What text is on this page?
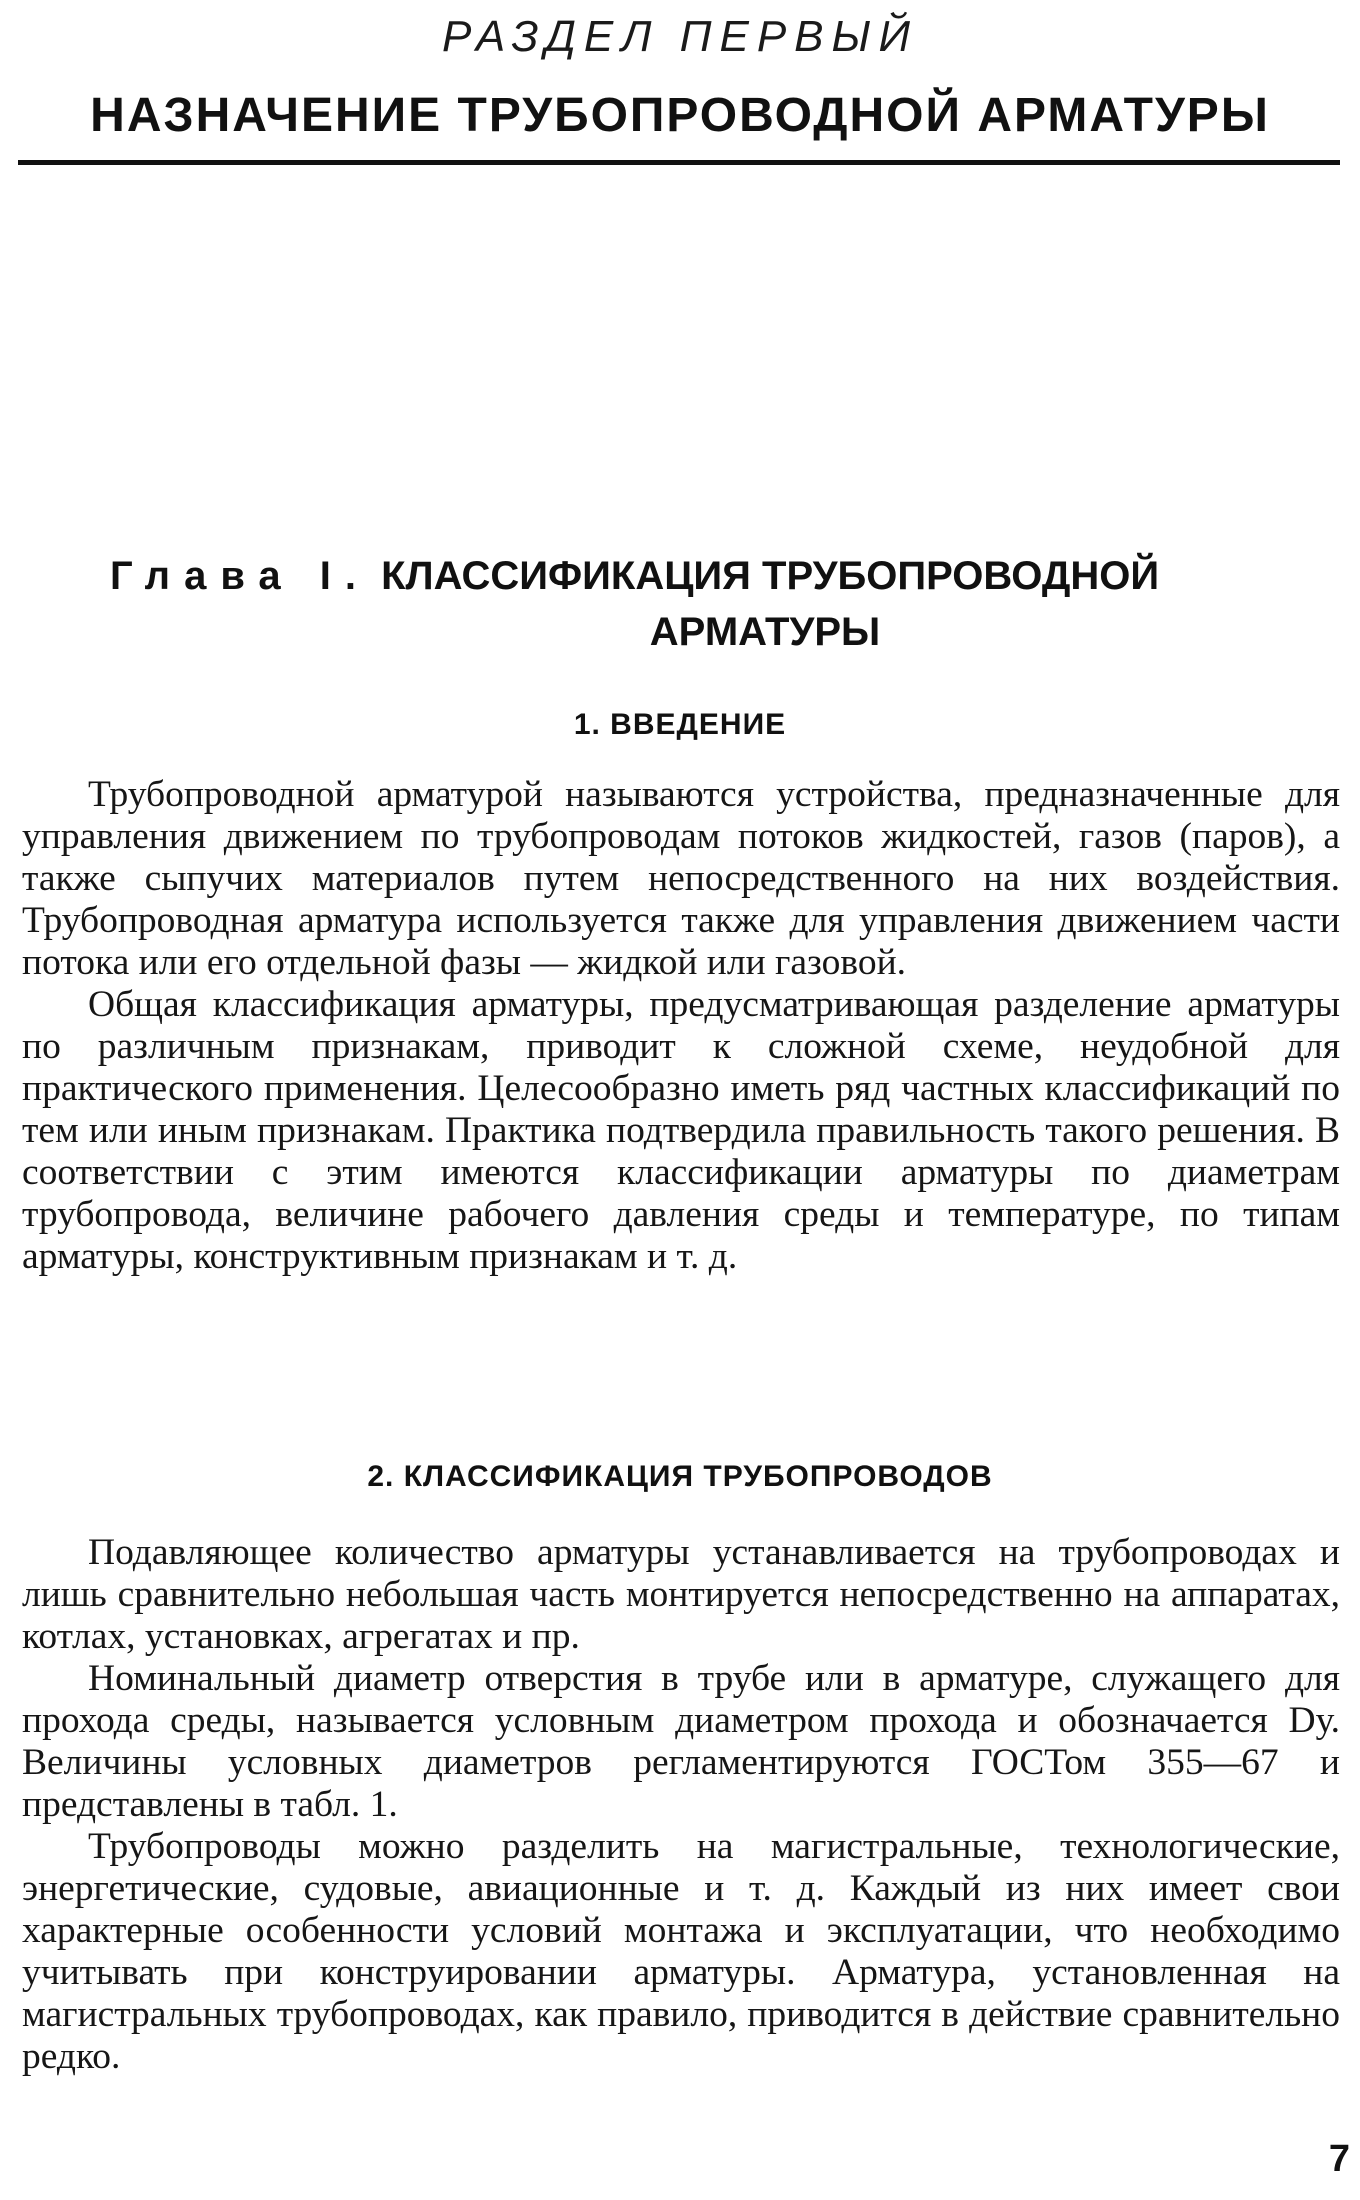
РАЗДЕЛ ПЕРВЫЙ
НАЗНАЧЕНИЕ ТРУБОПРОВОДНОЙ АРМАТУРЫ
Глава I. КЛАССИФИКАЦИЯ ТРУБОПРОВОДНОЙ
АРМАТУРЫ
1. ВВЕДЕНИЕ

Трубопроводной арматурой называются устройства, предназначенные для управления движением по трубопроводам потоков жидкостей, газов (паров), а также сыпучих материалов путем непосредственного на них воздействия. Трубопроводная арматура используется также для управления движением части потока или его отдельной фазы — жидкой или газовой.

Общая классификация арматуры, предусматривающая разделение арматуры по различным признакам, приводит к сложной схеме, неудобной для практического применения. Целесообразно иметь ряд частных классификаций по тем или иным признакам. Практика подтвердила правильность такого решения. В соответствии с этим имеются классификации арматуры по диаметрам трубопровода, величине рабочего давления среды и температуре, по типам арматуры, конструктивным признакам и т. д.

2. КЛАССИФИКАЦИЯ ТРУБОПРОВОДОВ

Подавляющее количество арматуры устанавливается на трубопроводах и лишь сравнительно небольшая часть монтируется непосредственно на аппаратах, котлах, установках, агрегатах и пр.

Номинальный диаметр отверстия в трубе или в арматуре, служащего для прохода среды, называется условным диаметром прохода и обозначается Dу. Величины условных диаметров регламентируются ГОСТом 355—67 и представлены в табл. 1.

Трубопроводы можно разделить на магистральные, технологические, энергетические, судовые, авиационные и т. д. Каждый из них имеет свои характерные особенности условий монтажа и эксплуатации, что необходимо учитывать при конструировании арматуры. Арматура, установленная на магистральных трубопроводах, как правило, приводится в действие сравнительно редко.

7
